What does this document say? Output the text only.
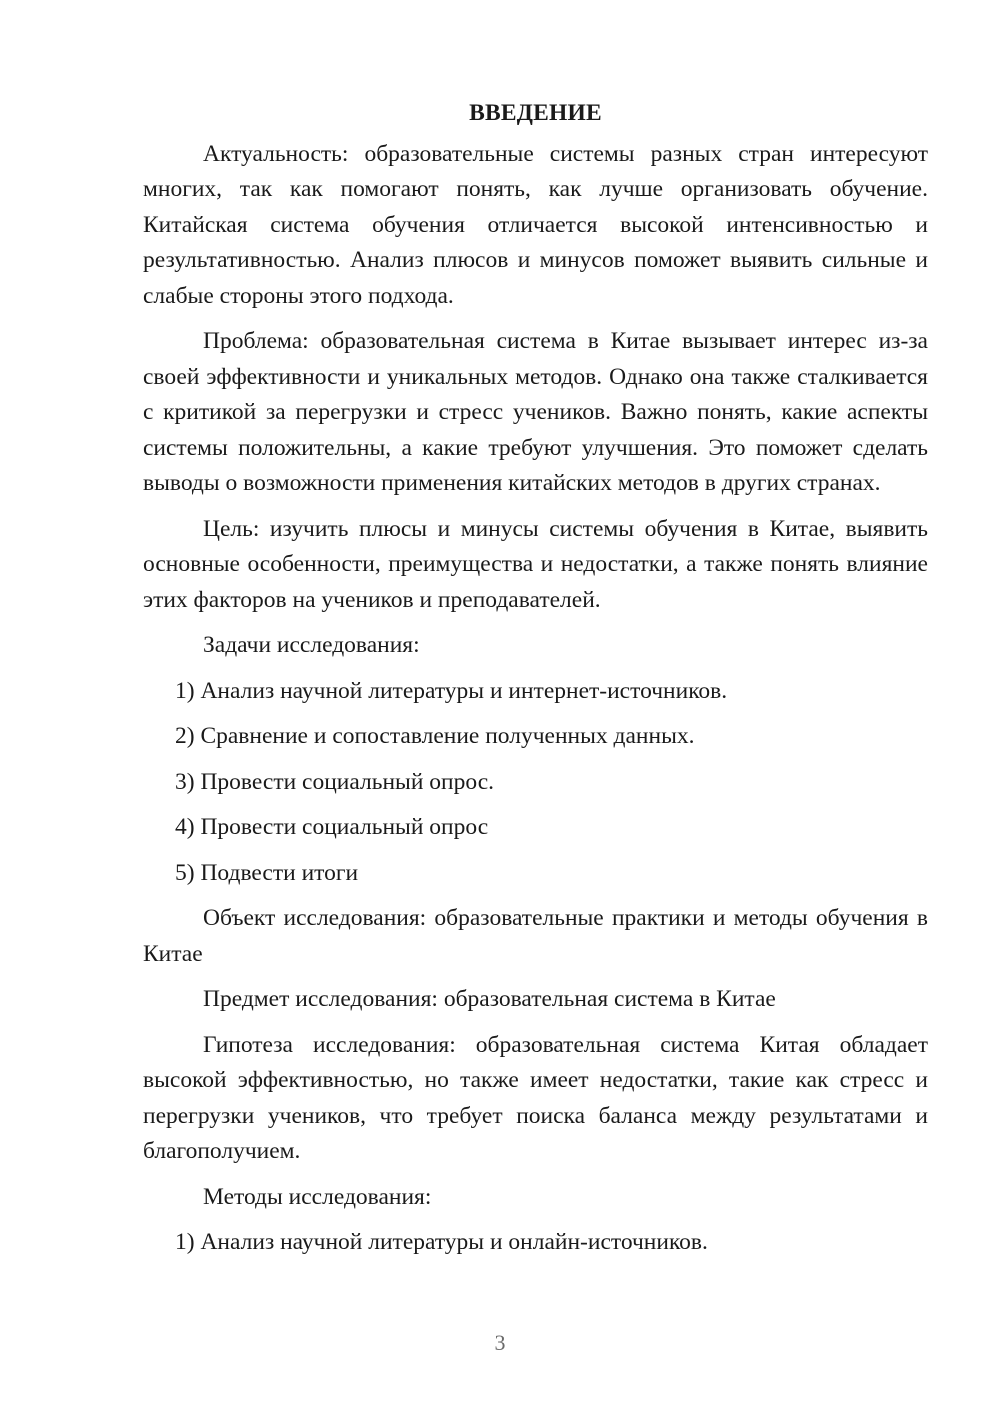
ВВЕДЕНИЕ

Актуальность: образовательные системы разных стран интересуют многих, так как помогают понять, как лучше организовать обучение. Китайская система обучения отличается высокой интенсивностью и результативностью. Анализ плюсов и минусов поможет выявить сильные и слабые стороны этого подхода.

Проблема: образовательная система в Китае вызывает интерес из-за своей эффективности и уникальных методов. Однако она также сталкивается с критикой за перегрузки и стресс учеников. Важно понять, какие аспекты системы положительны, а какие требуют улучшения. Это поможет сделать выводы о возможности применения китайских методов в других странах.

Цель: изучить плюсы и минусы системы обучения в Китае, выявить основные особенности, преимущества и недостатки, а также понять влияние этих факторов на учеников и преподавателей.

Задачи исследования:

1) Анализ научной литературы и интернет-источников.
2) Сравнение и сопоставление полученных данных.
3) Провести социальный опрос.
4) Провести социальный опрос
5) Подвести итоги

Объект исследования: образовательные практики и методы обучения в Китае

Предмет исследования: образовательная система в Китае

Гипотеза исследования: образовательная система Китая обладает высокой эффективностью, но также имеет недостатки, такие как стресс и перегрузки учеников, что требует поиска баланса между результатами и благополучием.

Методы исследования:

1) Анализ научной литературы и онлайн-источников.
3
